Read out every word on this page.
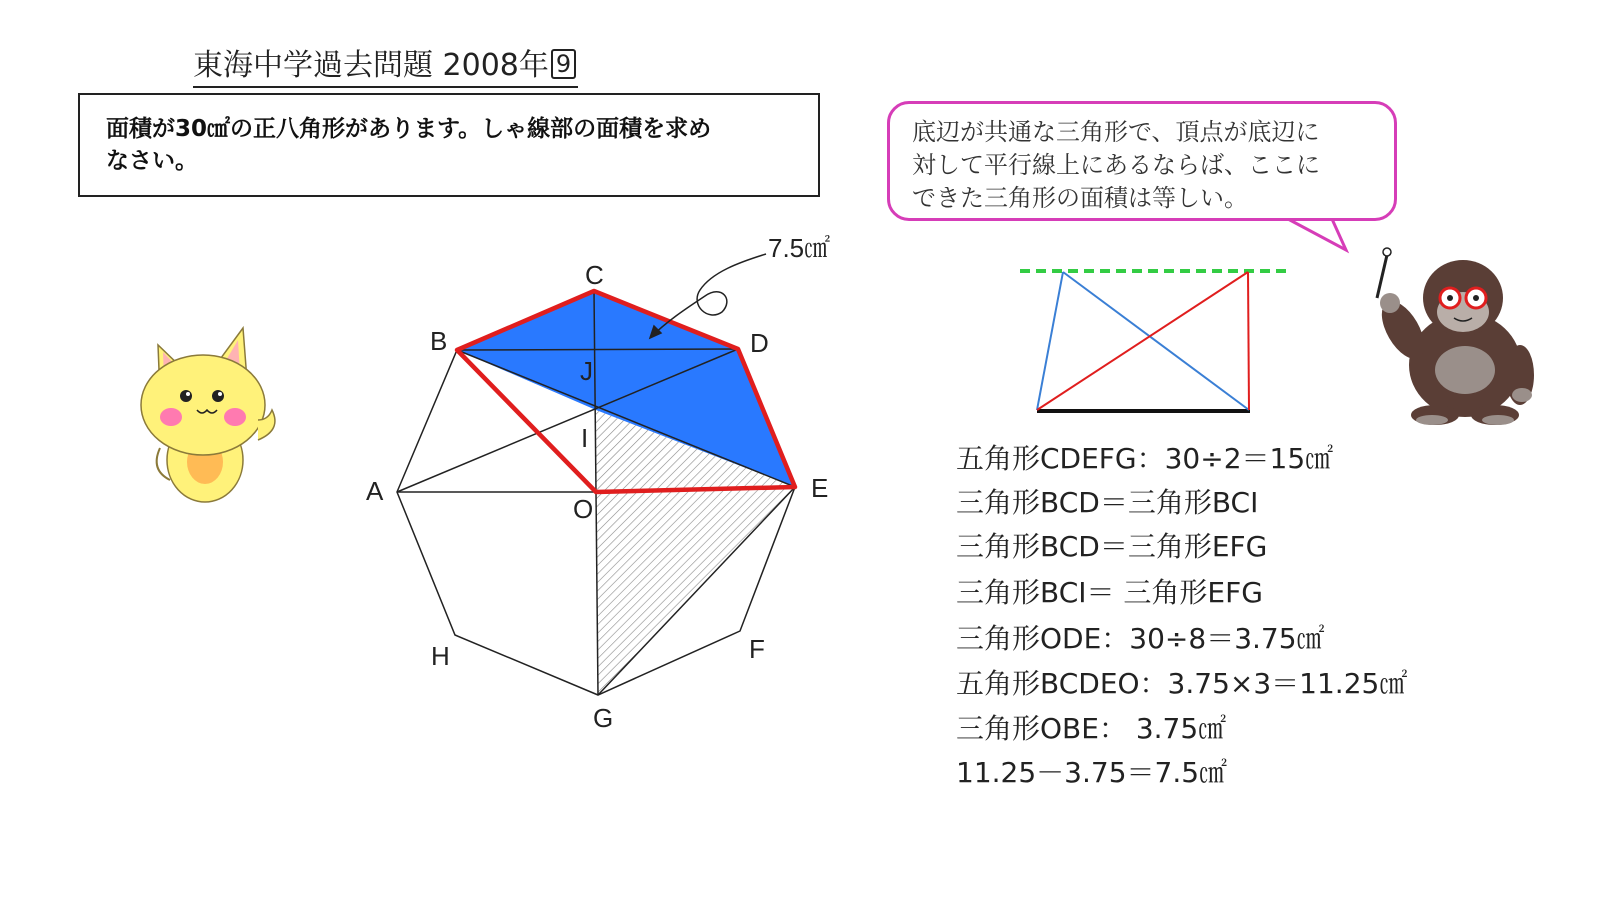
東海中学過去問題 2008年 9
面積が30㎠の正八角形があります。しゃ線部の面積を求め
なさい。
底辺が共通な三角形で、頂点が底辺に
対して平行線上にあるならば、ここに
できた三角形の面積は等しい。
A
B
C
D
E
F
G
H
O
I
J
7.5㎠
五角形CDEFG：30÷2＝15㎠
三角形BCD＝三角形BCI
三角形BCD＝三角形EFG
三角形BCI＝ 三角形EFG
三角形ODE：30÷8＝3.75㎠
五角形BCDEO：3.75×3＝11.25㎠
三角形OBE： 3.75㎠
11.25－3.75＝7.5㎠
